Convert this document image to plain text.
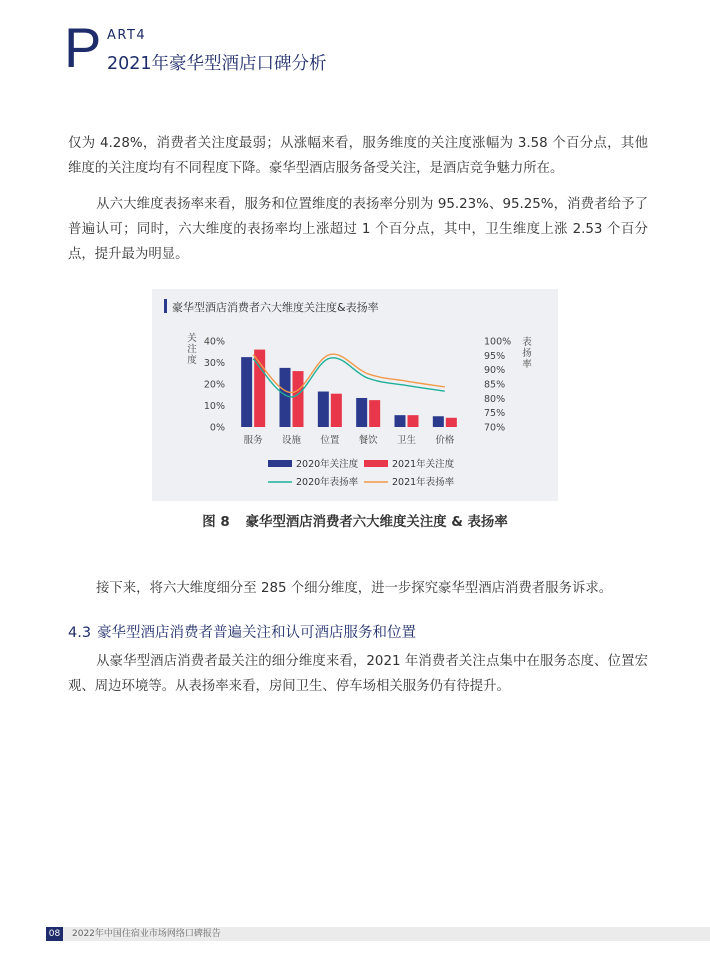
P ART4
2021年豪华型酒店口碑分析

仅为 4.28%，消费者关注度最弱；从涨幅来看，服务维度的关注度涨幅为 3.58 个百分点，其他维度的关注度均有不同程度下降。豪华型酒店服务备受关注，是酒店竞争魅力所在。

从六大维度表扬率来看，服务和位置维度的表扬率分别为 95.23%、95.25%，消费者给予了普遍认可；同时，六大维度的表扬率均上涨超过 1 个百分点，其中，卫生维度上涨 2.53 个百分点，提升最为明显。

豪华型酒店消费者六大维度关注度&表扬率
关
注
度
表
扬
率
40%
30%
20%
10%
0%
100%
95%
90%
85%
80%
75%
70%
服务 设施 位置 餐饮 卫生 价格
2020年关注度	2021年关注度
2020年表扬率	2021年表扬率
图 8 豪华型酒店消费者六大维度关注度 & 表扬率

接下来，将六大维度细分至 285 个细分维度，进一步探究豪华型酒店消费者服务诉求。

4.3 豪华型酒店消费者普遍关注和认可酒店服务和位置

从豪华型酒店消费者最关注的细分维度来看，2021 年消费者关注点集中在服务态度、位置宏观、周边环境等。从表扬率来看，房间卫生、停车场相关服务仍有待提升。

08	2022年中国住宿业市场网络口碑报告
